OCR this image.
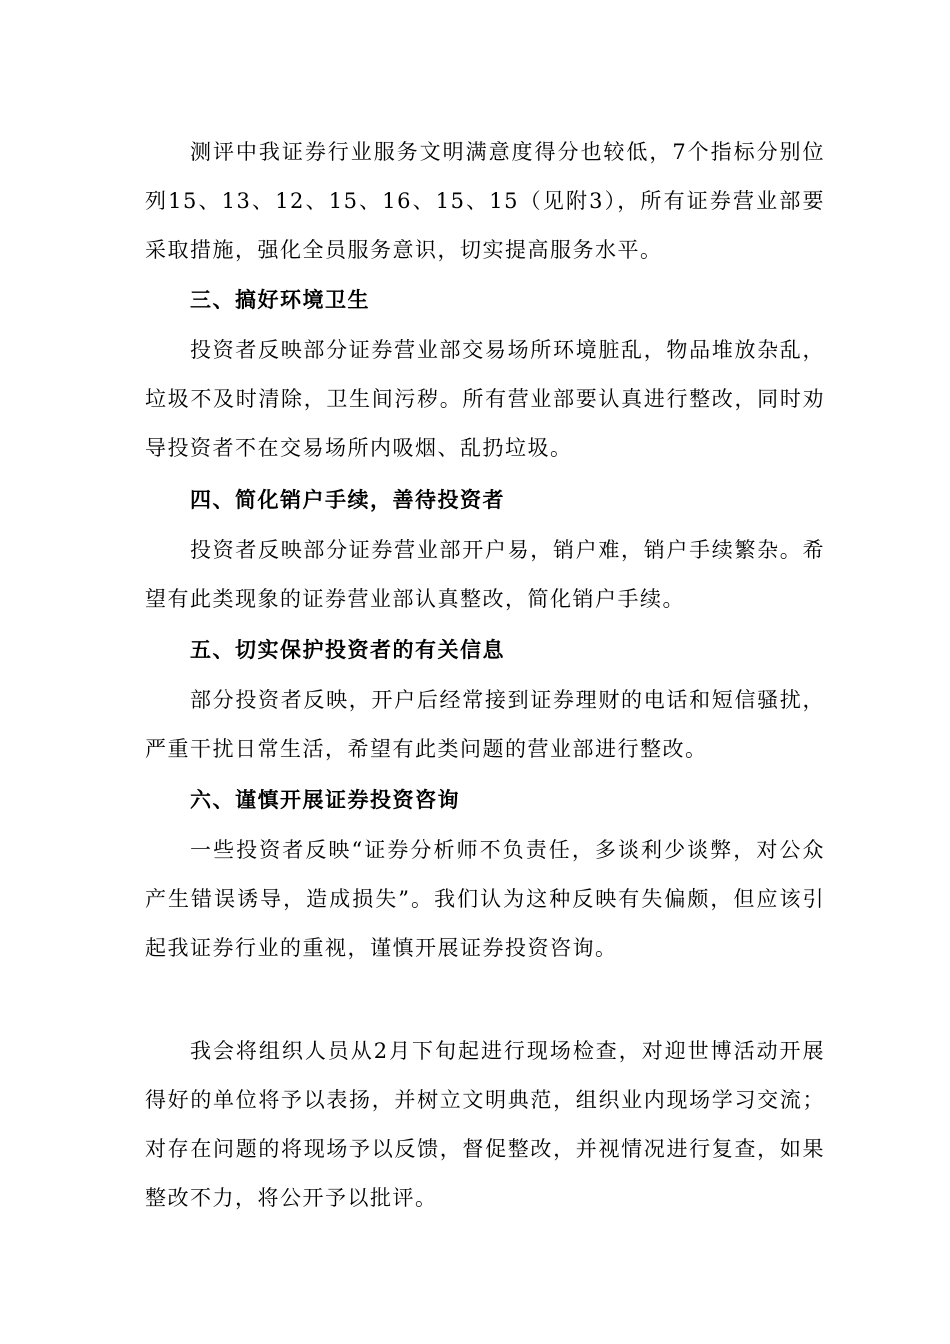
测评中我证券行业服务文明满意度得分也较低，7个指标分别位列15、13、12、15、16、15、15（见附3），所有证券营业部要采取措施，强化全员服务意识，切实提高服务水平。

三、搞好环境卫生

投资者反映部分证券营业部交易场所环境脏乱，物品堆放杂乱，垃圾不及时清除，卫生间污秽。所有营业部要认真进行整改，同时劝导投资者不在交易场所内吸烟、乱扔垃圾。

四、简化销户手续，善待投资者

投资者反映部分证券营业部开户易，销户难，销户手续繁杂。希望有此类现象的证券营业部认真整改，简化销户手续。

五、切实保护投资者的有关信息

部分投资者反映，开户后经常接到证券理财的电话和短信骚扰，严重干扰日常生活，希望有此类问题的营业部进行整改。

六、谨慎开展证券投资咨询

一些投资者反映“证券分析师不负责任，多谈利少谈弊，对公众产生错误诱导，造成损失”。我们认为这种反映有失偏颇，但应该引起我证券行业的重视，谨慎开展证券投资咨询。

我会将组织人员从2月下旬起进行现场检查，对迎世博活动开展得好的单位将予以表扬，并树立文明典范，组织业内现场学习交流；对存在问题的将现场予以反馈，督促整改，并视情况进行复查，如果整改不力，将公开予以批评。
